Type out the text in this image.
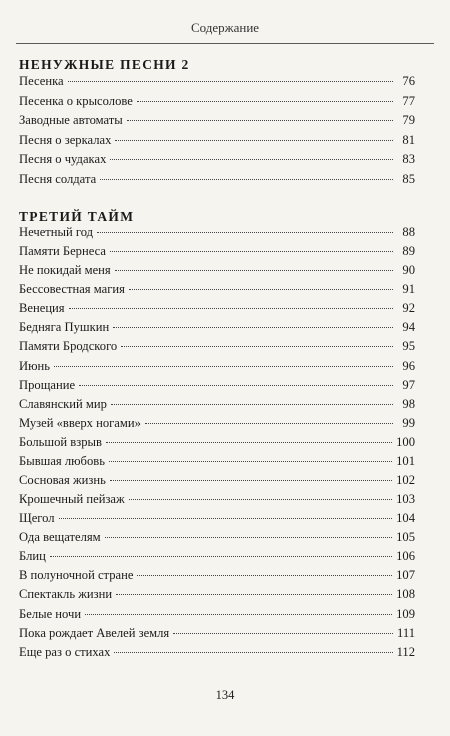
Содержание
НЕНУЖНЫЕ ПЕСНИ 2
Песенка	76
Песенка о крысолове	77
Заводные автоматы	79
Песня о зеркалах	81
Песня о чудаках	83
Песня солдата	85
ТРЕТИЙ ТАЙМ
Нечетный год	88
Памяти Бернеса	89
Не покидай меня	90
Бессовестная магия	91
Венеция	92
Бедняга Пушкин	94
Памяти Бродского	95
Июнь	96
Прощание	97
Славянский мир	98
Музей «вверх ногами»	99
Большой взрыв	100
Бывшая любовь	101
Сосновая жизнь	102
Крошечный пейзаж	103
Щегол	104
Ода вещателям	105
Блиц	106
В полуночной стране	107
Спектакль жизни	108
Белые ночи	109
Пока рождает Авелей земля	111
Еще раз о стихах	112
134
